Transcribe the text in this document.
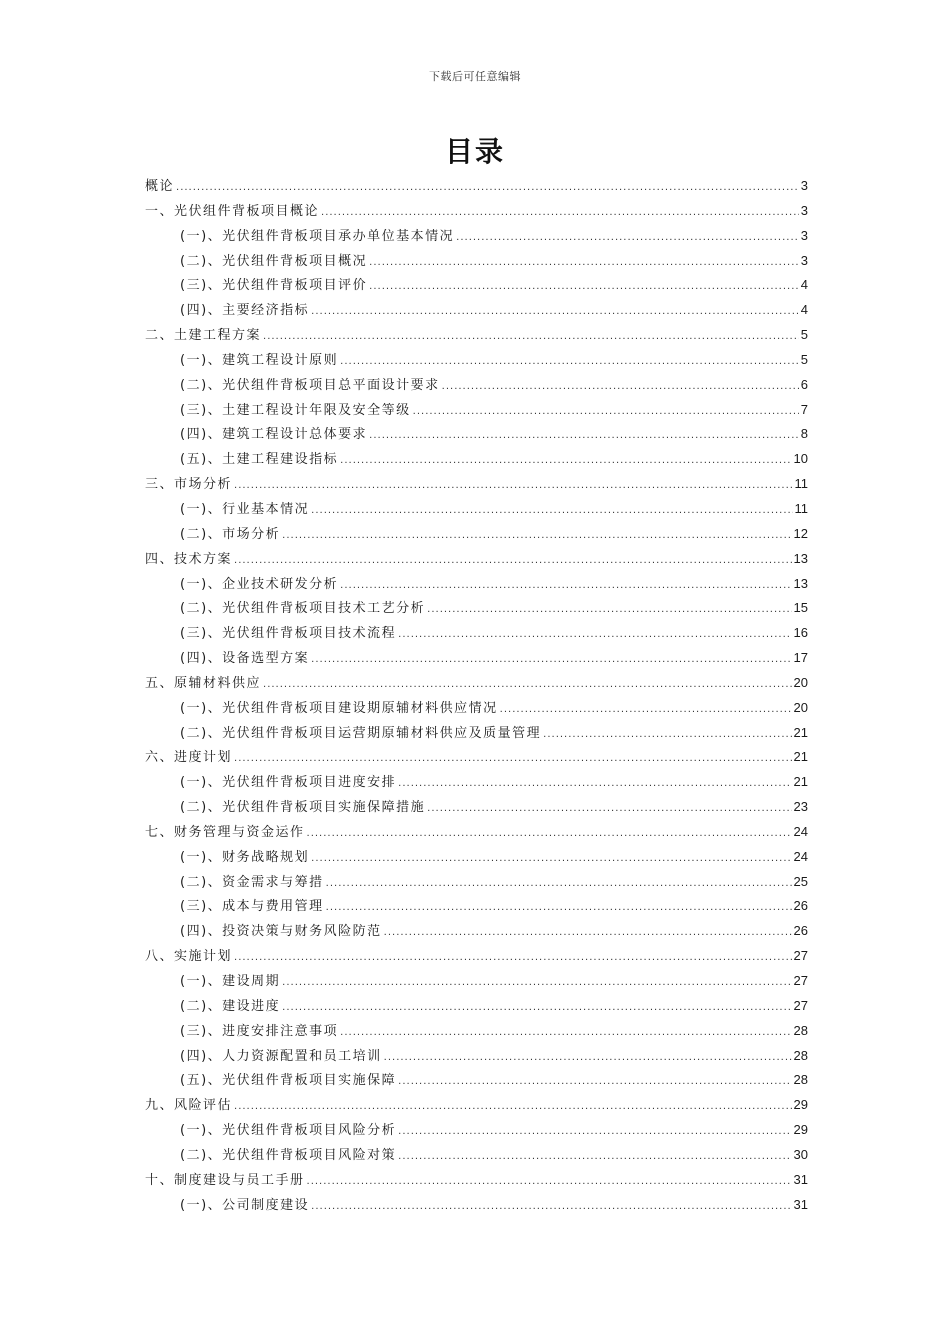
下载后可任意编辑
目录
概论 .....	3
一、光伏组件背板项目概论 .....	3
(一)、光伏组件背板项目承办单位基本情况 .....	3
(二)、光伏组件背板项目概况 .....	3
(三)、光伏组件背板项目评价 .....	4
(四)、主要经济指标 .....	4
二、土建工程方案 .....	5
(一)、建筑工程设计原则 .....	5
(二)、光伏组件背板项目总平面设计要求 .....	6
(三)、土建工程设计年限及安全等级 .....	7
(四)、建筑工程设计总体要求 .....	8
(五)、土建工程建设指标 .....	10
三、市场分析 .....	11
(一)、行业基本情况 .....	11
(二)、市场分析 .....	12
四、技术方案 .....	13
(一)、企业技术研发分析 .....	13
(二)、光伏组件背板项目技术工艺分析 .....	15
(三)、光伏组件背板项目技术流程 .....	16
(四)、设备选型方案 .....	17
五、原辅材料供应 .....	20
(一)、光伏组件背板项目建设期原辅材料供应情况 .....	20
(二)、光伏组件背板项目运营期原辅材料供应及质量管理 .....	21
六、进度计划 .....	21
(一)、光伏组件背板项目进度安排 .....	21
(二)、光伏组件背板项目实施保障措施 .....	23
七、财务管理与资金运作 .....	24
(一)、财务战略规划 .....	24
(二)、资金需求与筹措 .....	25
(三)、成本与费用管理 .....	26
(四)、投资决策与财务风险防范 .....	26
八、实施计划 .....	27
(一)、建设周期 .....	27
(二)、建设进度 .....	27
(三)、进度安排注意事项 .....	28
(四)、人力资源配置和员工培训 .....	28
(五)、光伏组件背板项目实施保障 .....	28
九、风险评估 .....	29
(一)、光伏组件背板项目风险分析 .....	29
(二)、光伏组件背板项目风险对策 .....	30
十、制度建设与员工手册 .....	31
(一)、公司制度建设 .....	31
